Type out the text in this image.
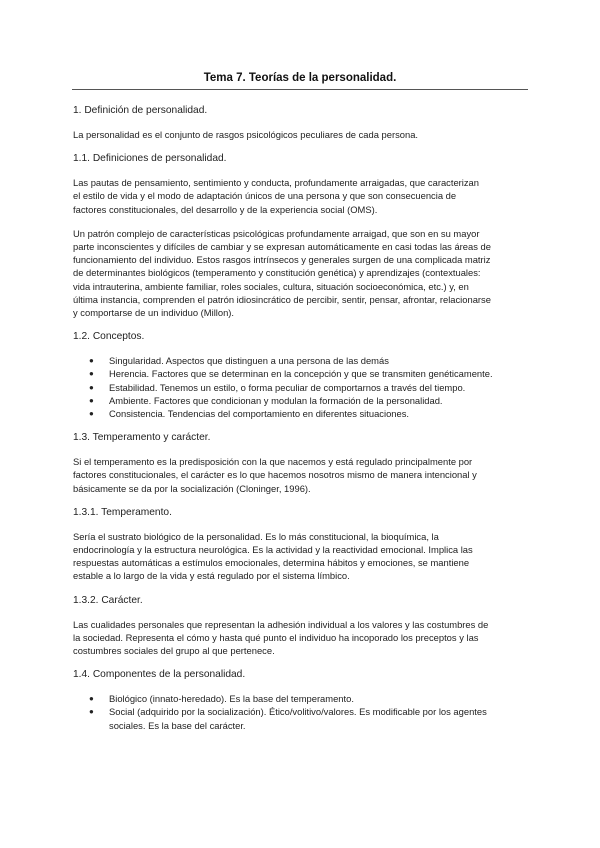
Tema 7. Teorías de la personalidad.
1. Definición de personalidad.

La personalidad es el conjunto de rasgos psicológicos peculiares de cada persona.

1.1. Definiciones de personalidad.

Las pautas de pensamiento, sentimiento y conducta, profundamente arraigadas, que caracterizan
el estilo de vida y el modo de adaptación únicos de una persona y que son consecuencia de
factores constitucionales, del desarrollo y de la experiencia social (OMS).

Un patrón complejo de características psicológicas profundamente arraigad, que son en su mayor
parte inconscientes y difíciles de cambiar y se expresan automáticamente en casi todas las áreas de
funcionamiento del individuo. Estos rasgos intrínsecos y generales surgen de una complicada matriz
de determinantes biológicos (temperamento y constitución genética) y aprendizajes (contextuales:
vida intrauterina, ambiente familiar, roles sociales, cultura, situación socioeconómica, etc.) y, en
última instancia, comprenden el patrón idiosincrático de percibir, sentir, pensar, afrontar, relacionarse
y comportarse de un individuo (Millon).

1.2. Conceptos.
● Singularidad. Aspectos que distinguen a una persona de las demás
● Herencia. Factores que se determinan en la concepción y que se transmiten genéticamente.
● Estabilidad. Tenemos un estilo, o forma peculiar de comportarnos a través del tiempo.
● Ambiente. Factores que condicionan y modulan la formación de la personalidad.
● Consistencia. Tendencias del comportamiento en diferentes situaciones.
1.3. Temperamento y carácter.

Si el temperamento es la predisposición con la que nacemos y está regulado principalmente por
factores constitucionales, el carácter es lo que hacemos nosotros mismo de manera intencional y
básicamente se da por la socialización (Cloninger, 1996).

1.3.1. Temperamento.

Sería el sustrato biológico de la personalidad. Es lo más constitucional, la bioquímica, la
endocrinología y la estructura neurológica. Es la actividad y la reactividad emocional. Implica las
respuestas automáticas a estímulos emocionales, determina hábitos y emociones, se mantiene
estable a lo largo de la vida y está regulado por el sistema límbico.

1.3.2. Carácter.

Las cualidades personales que representan la adhesión individual a los valores y las costumbres de
la sociedad. Representa el cómo y hasta qué punto el individuo ha incoporado los preceptos y las
costumbres sociales del grupo al que pertenece.

1.4. Componentes de la personalidad.
● Biológico (innato-heredado). Es la base del temperamento.
● Social (adquirido por la socialización). Ético/volitivo/valores. Es modificable por los agentes
sociales. Es la base del carácter.
